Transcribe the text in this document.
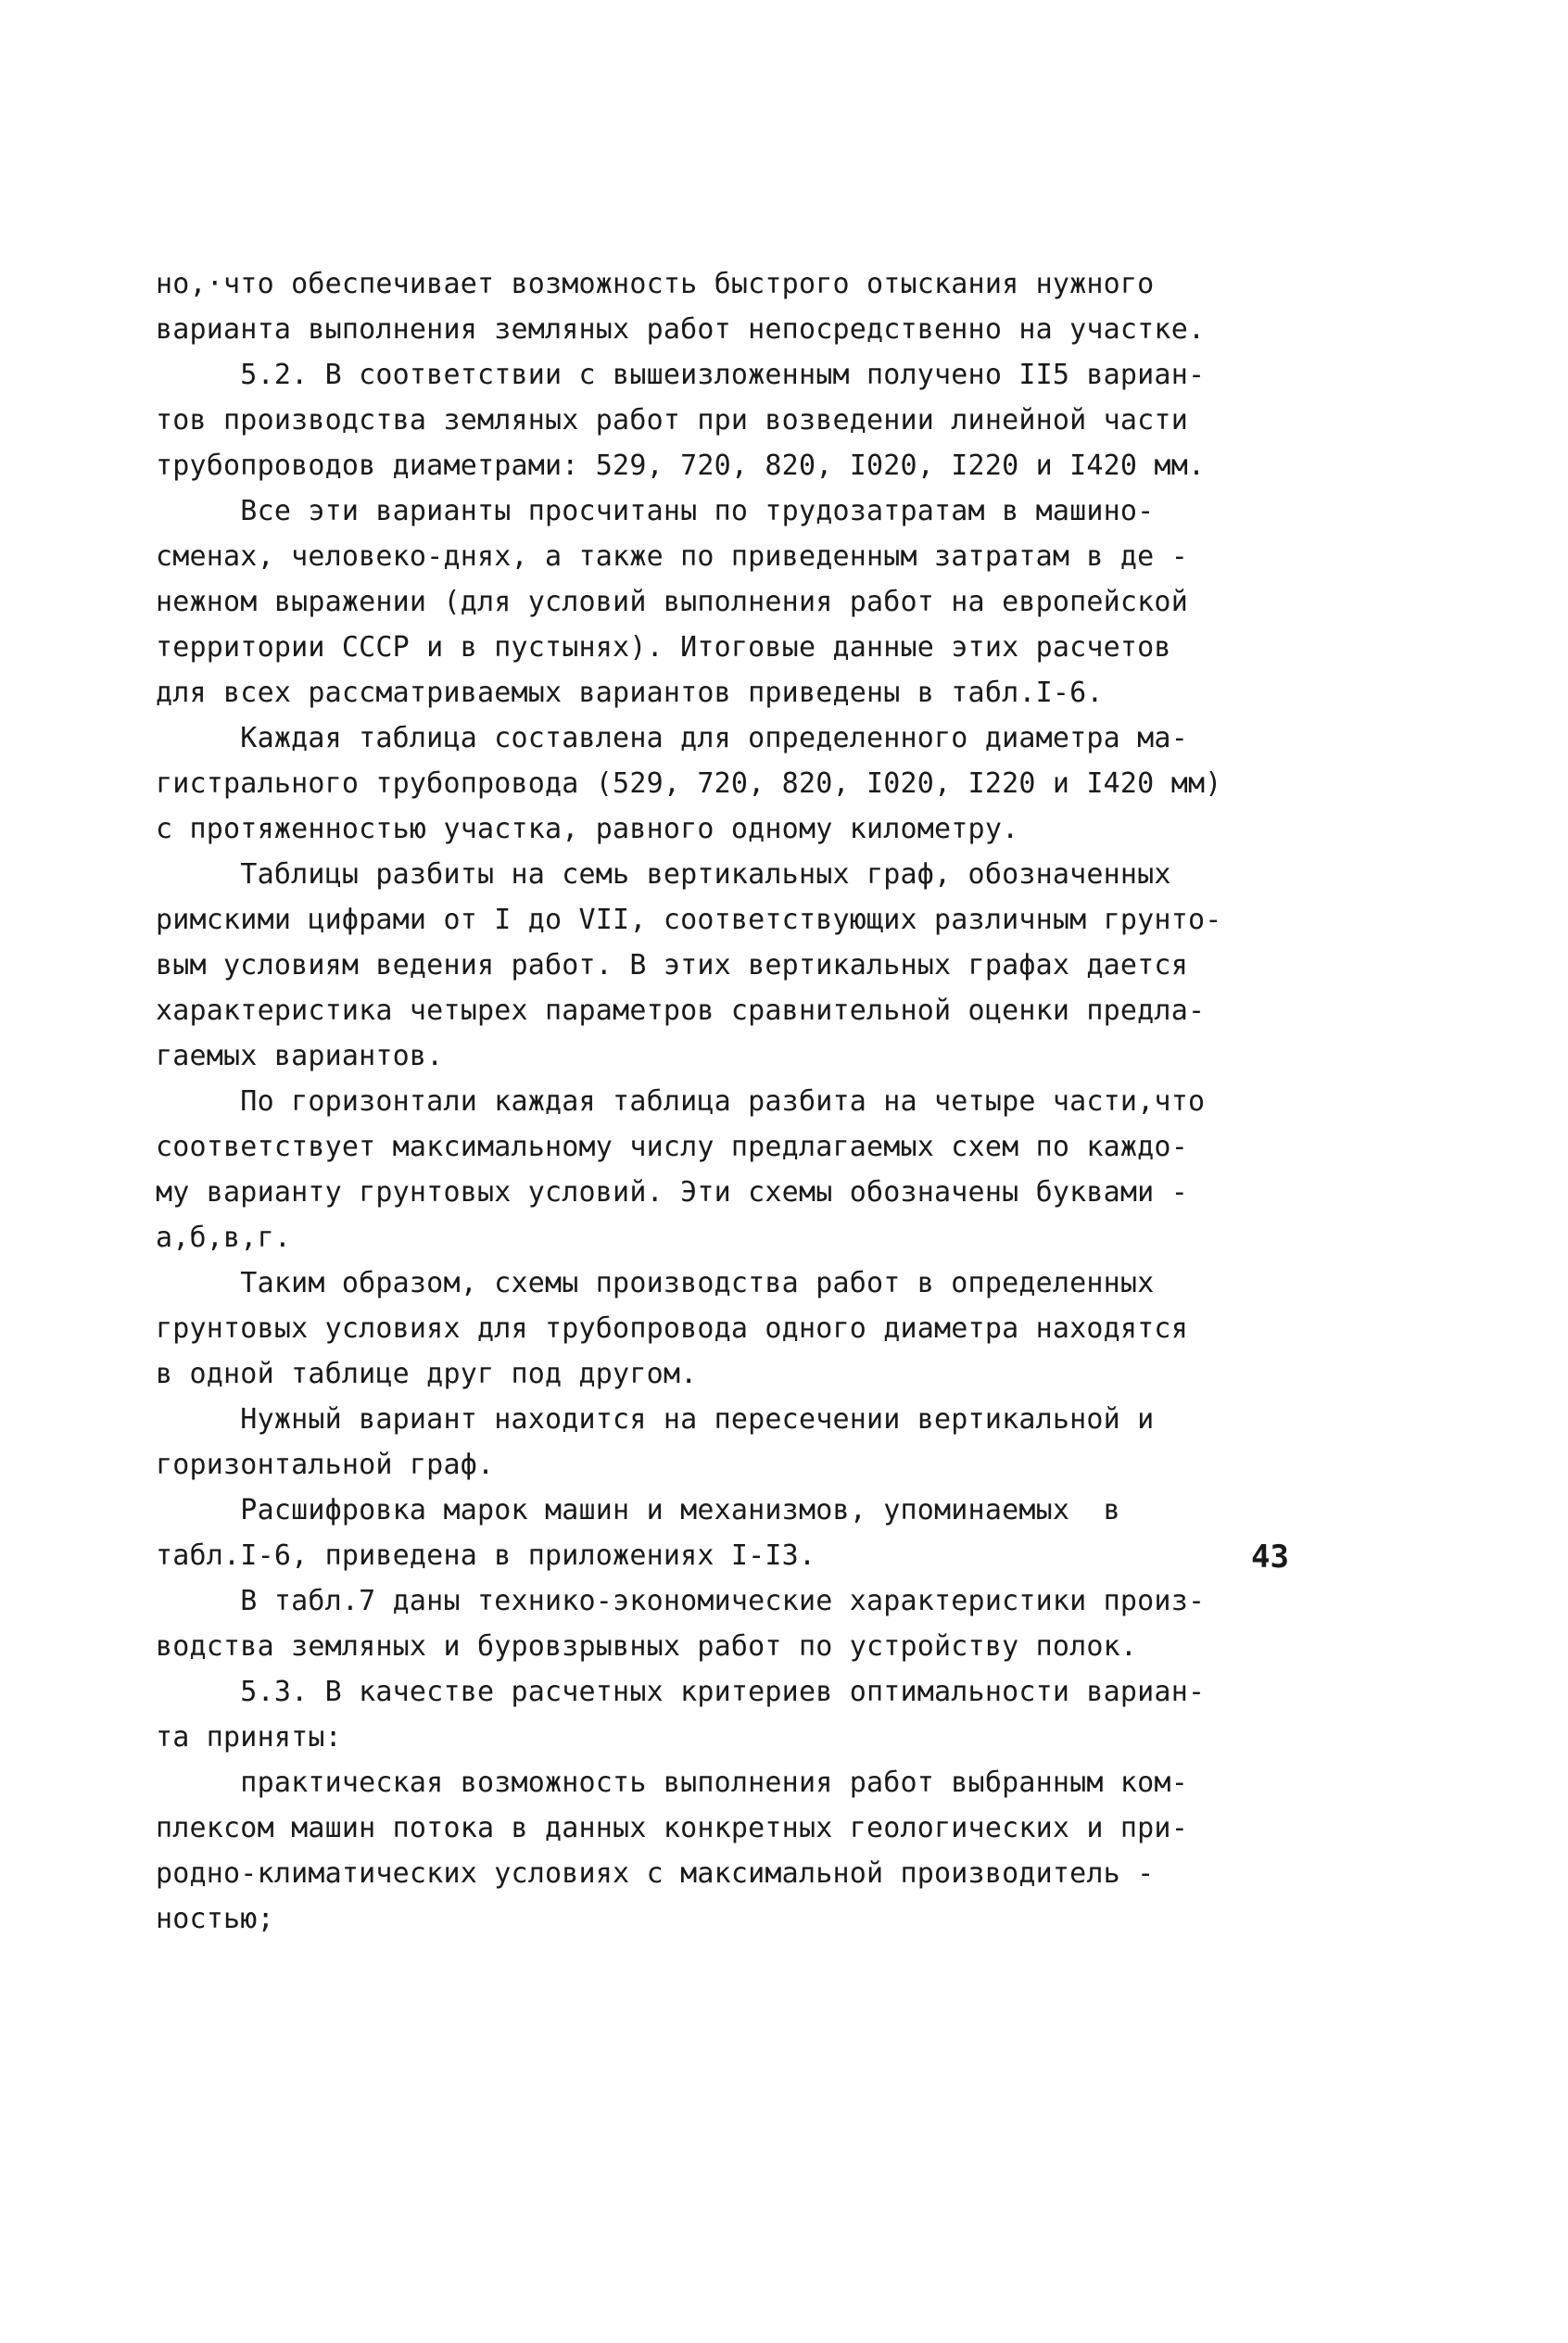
но,·что обеспечивает возможность быстрого отыскания нужного
варианта выполнения земляных работ непосредственно на участке.
5.2. В соответствии с вышеизложенным получено II5 вариан-
тов производства земляных работ при возведении линейной части
трубопроводов диаметрами: 529, 720, 820, I020, I220 и I420 мм.
Все эти варианты просчитаны по трудозатратам в машино-
сменах, человеко-днях, а также по приведенным затратам в де -
нежном выражении (для условий выполнения работ на европейской
территории СССР и в пустынях). Итоговые данные этих расчетов
для всех рассматриваемых вариантов приведены в табл.I-6.
Каждая таблица составлена для определенного диаметра ма-
гистрального трубопровода (529, 720, 820, I020, I220 и I420 мм)
с протяженностью участка, равного одному километру.
Таблицы разбиты на семь вертикальных граф, обозначенных
римскими цифрами от I до VII, соответствующих различным грунто-
вым условиям ведения работ. В этих вертикальных графах дается
характеристика четырех параметров сравнительной оценки предла-
гаемых вариантов.
По горизонтали каждая таблица разбита на четыре части,что
соответствует максимальному числу предлагаемых схем по каждо-
му варианту грунтовых условий. Эти схемы обозначены буквами -
а,б,в,г.
Таким образом, схемы производства работ в определенных
грунтовых условиях для трубопровода одного диаметра находятся
в одной таблице друг под другом.
Нужный вариант находится на пересечении вертикальной и
горизонтальной граф.
Расшифровка марок машин и механизмов, упоминаемых  в
табл.I-6, приведена в приложениях I-I3.
В табл.7 даны технико-экономические характеристики произ-
водства земляных и буровзрывных работ по устройству полок.
5.3. В качестве расчетных критериев оптимальности вариан-
та приняты:
практическая возможность выполнения работ выбранным ком-
плексом машин потока в данных конкретных геологических и при-
родно-климатических условиях с максимальной производитель -
ностью;
43
